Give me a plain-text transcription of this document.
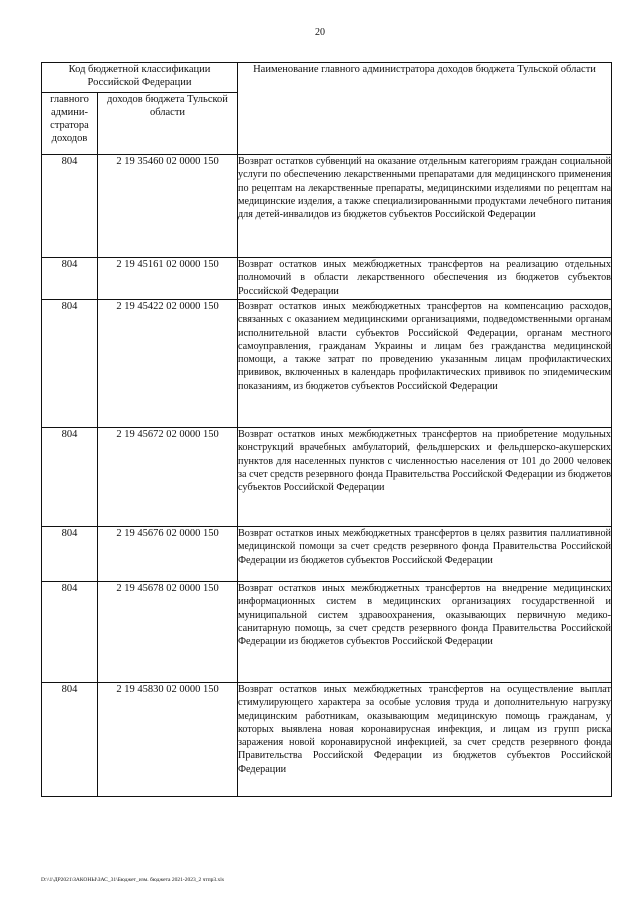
20
Код бюджетной классификации Российской Федерации		Наименование главного администратора доходов бюджета Тульской области
главного админи-стратора доходов	доходов бюджета Тульской области	
804	2 19 35460 02 0000 150	Возврат остатков субвенций на оказание отдельным категориям граждан социальной услуги по обеспечению лекарственными препаратами для медицинского применения по рецептам на лекарственные препараты, медицинскими изделиями по рецептам на медицинские изделия, а также специализированными продуктами лечебного питания для детей-инвалидов из бюджетов субъектов Российской Федерации
804	2 19 45161 02 0000 150	Возврат остатков иных межбюджетных трансфертов на реализацию отдельных полномочий в области лекарственного обеспечения из бюджетов субъектов Российской Федерации
804	2 19 45422 02 0000 150	Возврат остатков иных межбюджетных трансфертов на компенсацию расходов, связанных с оказанием медицинскими организациями, подведомственными органам исполнительной власти субъектов Российской Федерации, органам местного самоуправления, гражданам Украины и лицам без гражданства медицинской помощи, а также затрат по проведению указанным лицам профилактических прививок, включенных в календарь профилактических прививок по эпидемическим показаниям, из бюджетов субъектов Российской Федерации
804	2 19 45672 02 0000 150	Возврат остатков иных межбюджетных трансфертов на приобретение модульных конструкций врачебных амбулаторий, фельдшерских и фельдшерско-акушерских пунктов для населенных пунктов с численностью населения от 101 до 2000 человек за счет средств резервного фонда Правительства Российской Федерации из бюджетов субъектов Российской Федерации
804	2 19 45676 02 0000 150	Возврат остатков иных межбюджетных трансфертов в целях развития паллиативной медицинской помощи за счет средств резервного фонда Правительства Российской Федерации из бюджетов субъектов Российской Федерации
804	2 19 45678 02 0000 150	Возврат остатков иных межбюджетных трансфертов на внедрение медицинских информационных систем в медицинских организациях государственной и муниципальной систем здравоохранения, оказывающих первичную медико-санитарную помощь, за счет средств резервного фонда Правительства Российской Федерации из бюджетов субъектов Российской Федерации
804	2 19 45830 02 0000 150	Возврат остатков иных межбюджетных трансфертов на осуществление выплат стимулирующего характера за особые условия труда и дополнительную нагрузку медицинским работникам, оказывающим медицинскую помощь гражданам, у которых выявлена новая коронавирусная инфекция, и лицам из групп риска заражения новой коронавирусной инфекцией, за счет средств резервного фонда Правительства Российской Федерации из бюджетов субъектов Российской Федерации
D:\\1\ДР2021\ЗАКОНЫ\ЗАС_31\Бюджет_изм. бюджета 2021-2023_2 чтпр3.xls
